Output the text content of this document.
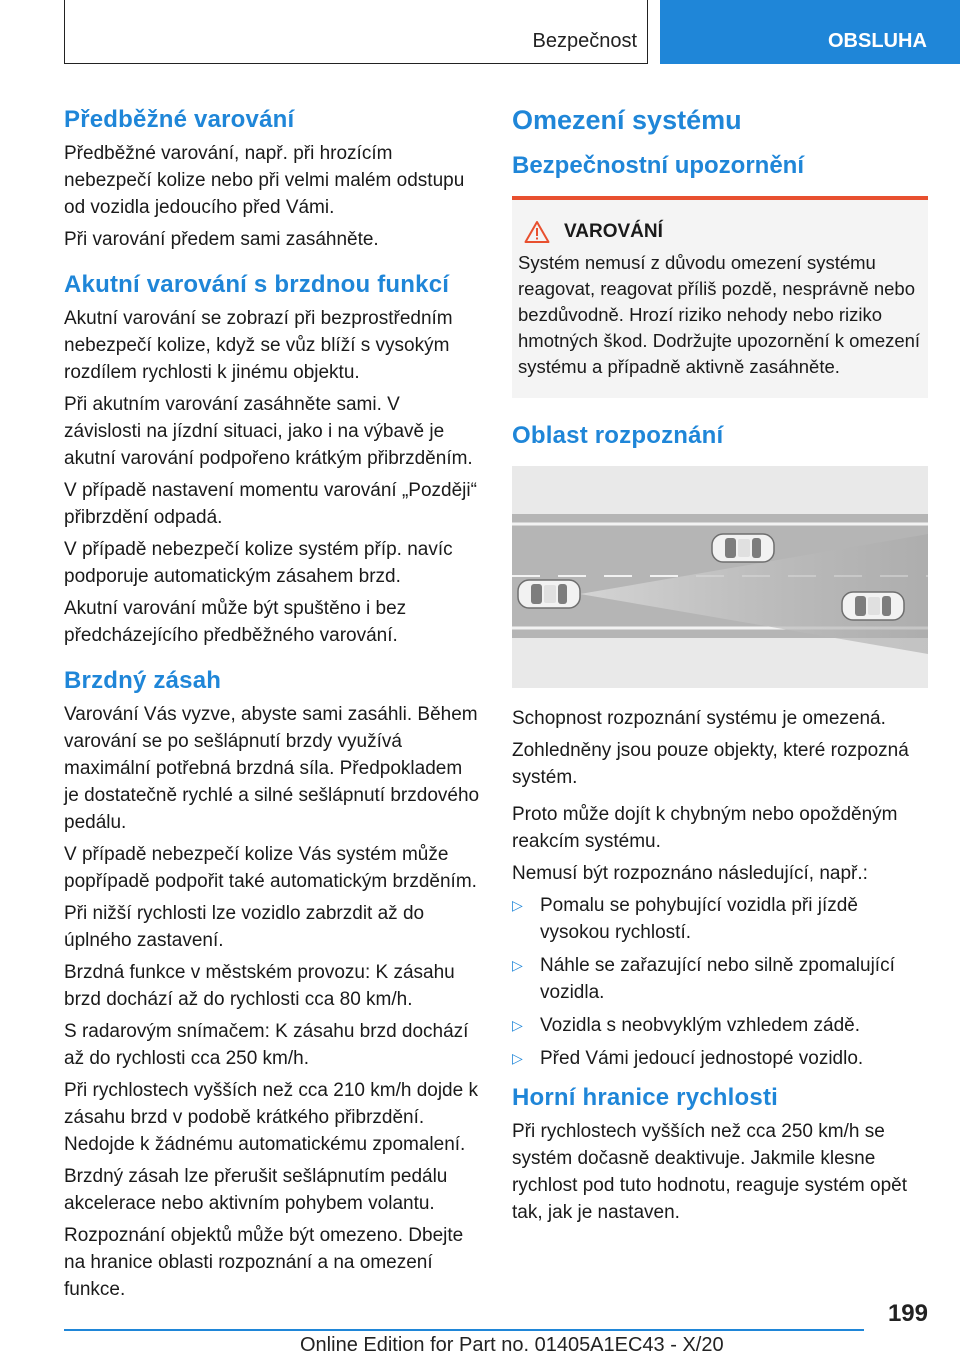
Bezpečnost	OBSLUHA
Předběžné varování

Předběžné varování, např. při hrozícím nebezpečí kolize nebo při velmi malém odstupu od vozidla jedoucího před Vámi.

Při varování předem sami zasáhněte.

Akutní varování s brzdnou funkcí

Akutní varování se zobrazí při bezprostředním nebezpečí kolize, když se vůz blíží s vysokým rozdílem rychlosti k jinému objektu.

Při akutním varování zasáhněte sami. V závislosti na jízdní situaci, jako i na výbavě je akutní varování podpořeno krátkým přibrzděním.

V případě nastavení momentu varování „Později“ přibrzdění odpadá.

V případě nebezpečí kolize systém příp. navíc podporuje automatickým zásahem brzd.

Akutní varování může být spuštěno i bez předcházejícího předběžného varování.

Brzdný zásah

Varování Vás vyzve, abyste sami zasáhli. Během varování se po sešlápnutí brzdy využívá maximální potřebná brzdná síla. Předpokladem je dostatečně rychlé a silné sešlápnutí brzdového pedálu.

V případě nebezpečí kolize Vás systém může popřípadě podpořit také automatickým brzděním.

Při nižší rychlosti lze vozidlo zabrzdit až do úplného zastavení.

Brzdná funkce v městském provozu: K zásahu brzd dochází až do rychlosti cca 80 km/h.

S radarovým snímačem: K zásahu brzd dochází až do rychlosti cca 250 km/h.

Při rychlostech vyšších než cca 210 km/h dojde k zásahu brzd v podobě krátkého přibrzdění. Nedojde k žádnému automatickému zpomalení.

Brzdný zásah lze přerušit sešlápnutím pedálu akcelerace nebo aktivním pohybem volantu.

Rozpoznání objektů může být omezeno. Dbejte na hranice oblasti rozpoznání a na omezení funkce.

Omezení systému
Bezpečnostní upozornění
VAROVÁNÍ

Systém nemusí z důvodu omezení systému reagovat, reagovat příliš pozdě, nesprávně nebo bezdůvodně. Hrozí riziko nehody nebo riziko hmotných škod. Dodržujte upozornění k omezení systému a případně aktivně zasáhněte.

Oblast rozpoznání

Schopnost rozpoznání systému je omezená.

Zohledněny jsou pouze objekty, které rozpozná systém.

Proto může dojít k chybným nebo opožděným reakcím systému.

Nemusí být rozpoznáno následující, např.:

▷ Pomalu se pohybující vozidla při jízdě vysokou rychlostí.
▷ Náhle se zařazující nebo silně zpomalující vozidla.
▷ Vozidla s neobvyklým vzhledem zádě.
▷ Před Vámi jedoucí jednostopé vozidlo.
Horní hranice rychlosti

Při rychlostech vyšších než cca 250 km/h se systém dočasně deaktivuje. Jakmile klesne rychlost pod tuto hodnotu, reaguje systém opět tak, jak je nastaven.

199
Online Edition for Part no. 01405A1EC43 - X/20
